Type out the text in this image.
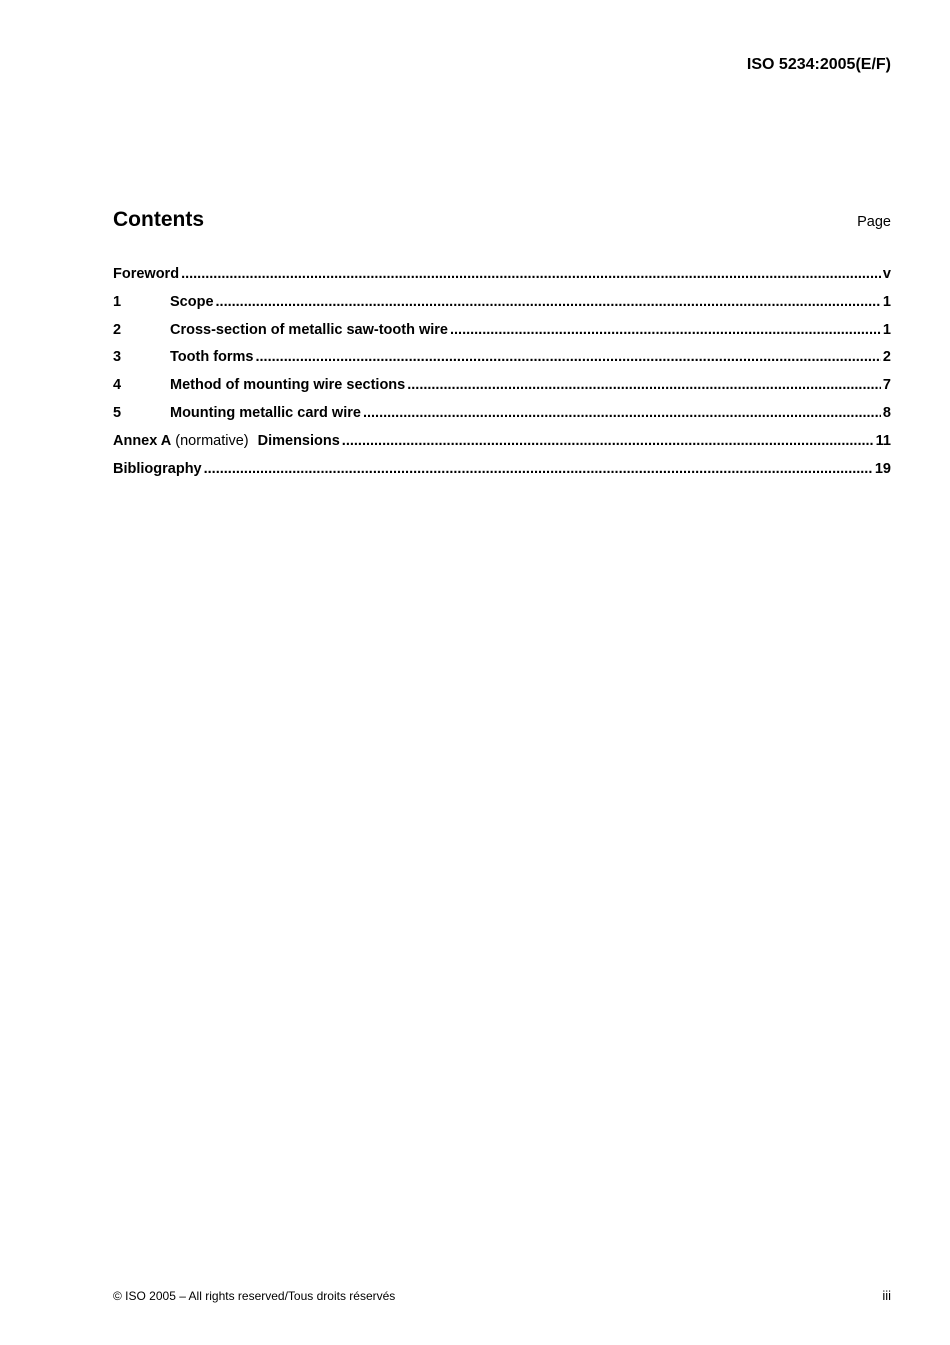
ISO 5234:2005(E/F)

Contents	Page
Foreword .....	v
1	Scope .....	1
2	Cross-section of metallic saw-tooth wire .....	1
3	Tooth forms .....	2
4	Method of mounting wire sections .....	7
5	Mounting metallic card wire .....	8
Annex A (normative) Dimensions .....	11
Bibliography .....	19

© ISO 2005 – All rights reserved/Tous droits réservés	iii
